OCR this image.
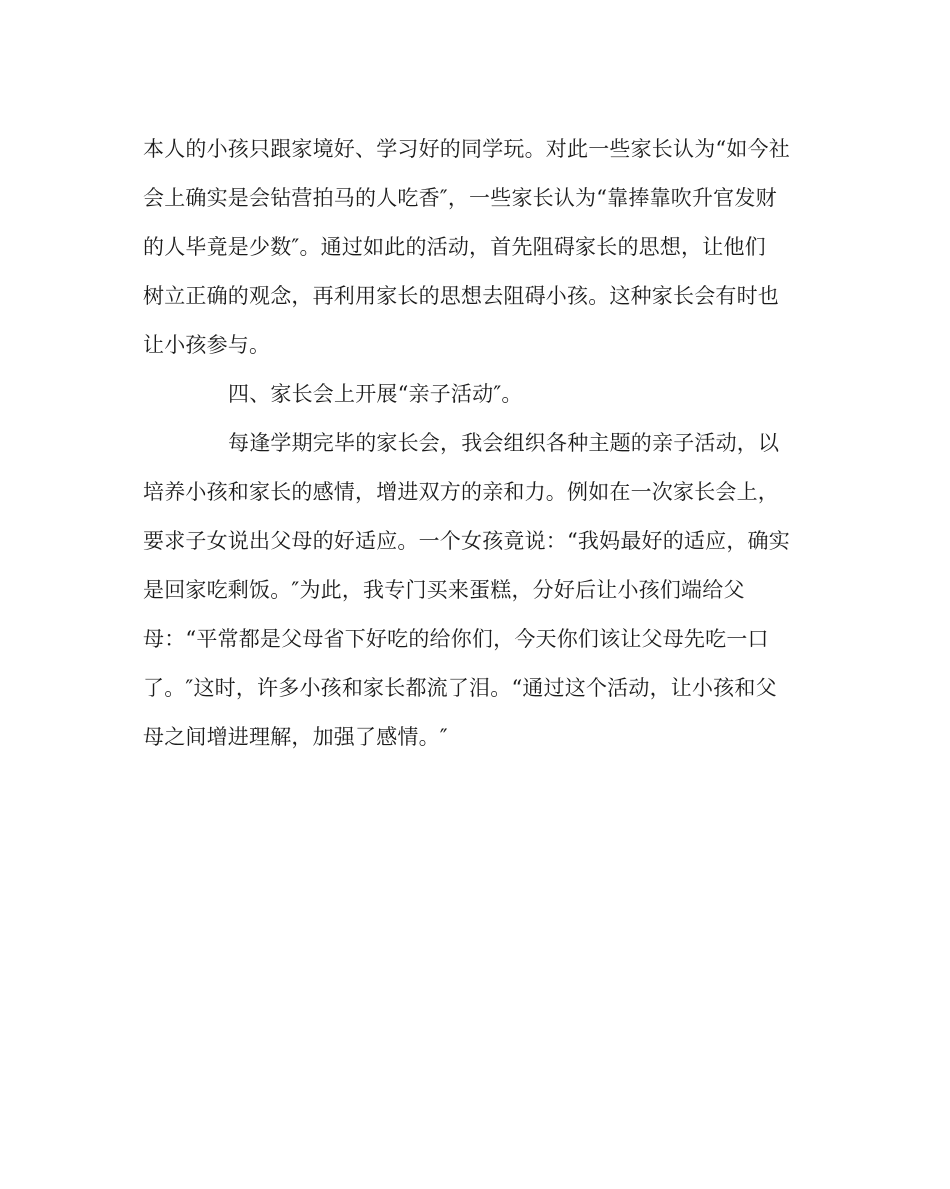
本人的小孩只跟家境好、学习好的同学玩。对此一些家长认为“如今社
会上确实是会钻营拍马的人吃香″，一些家长认为“靠捧靠吹升官发财
的人毕竟是少数″。通过如此的活动，首先阻碍家长的思想，让他们
树立正确的观念，再利用家长的思想去阻碍小孩。这种家长会有时也
让小孩参与。
四、家长会上开展“亲子活动″。
每逢学期完毕的家长会，我会组织各种主题的亲子活动，以
培养小孩和家长的感情，增进双方的亲和力。例如在一次家长会上，
要求子女说出父母的好适应。一个女孩竟说：“我妈最好的适应，确实
是回家吃剩饭。″为此，我专门买来蛋糕，分好后让小孩们端给父
母：“平常都是父母省下好吃的给你们，今天你们该让父母先吃一口
了。″这时，许多小孩和家长都流了泪。“通过这个活动，让小孩和父
母之间增进理解，加强了感情。″
